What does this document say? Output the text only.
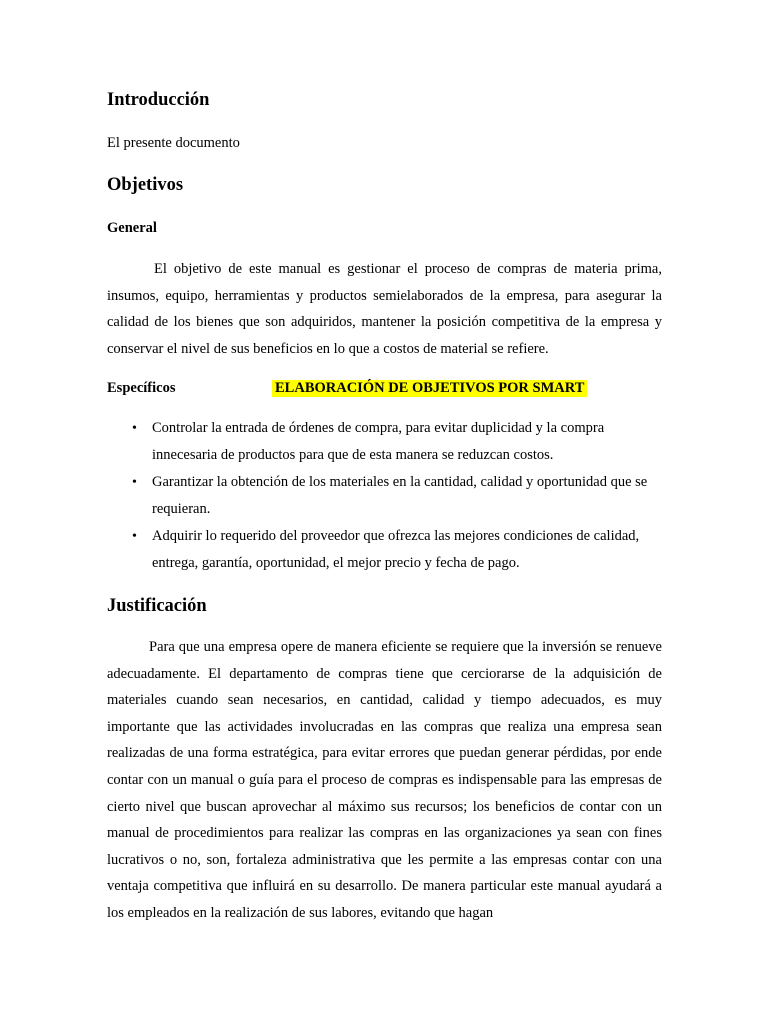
Introducción

El presente documento

Objetivos
General

El objetivo de este manual es gestionar el proceso de compras de materia prima, insumos, equipo, herramientas y productos semielaborados de la empresa, para asegurar la calidad de los bienes que son adquiridos, mantener la posición competitiva de la empresa y conservar el nivel de sus beneficios en lo que a costos de material se refiere.

Específicos	ELABORACIÓN DE OBJETIVOS POR SMART
• Controlar la entrada de órdenes de compra, para evitar duplicidad y la compra innecesaria de productos para que de esta manera se reduzcan costos.
• Garantizar la obtención de los materiales en la cantidad, calidad y oportunidad que se requieran.
• Adquirir lo requerido del proveedor que ofrezca las mejores condiciones de calidad, entrega, garantía, oportunidad, el mejor precio y fecha de pago.
Justificación

Para que una empresa opere de manera eficiente se requiere que la inversión se renueve adecuadamente. El departamento de compras tiene que cerciorarse de la adquisición de materiales cuando sean necesarios, en cantidad, calidad y tiempo adecuados, es muy importante que las actividades involucradas en las compras que realiza una empresa sean realizadas de una forma estratégica, para evitar errores que puedan generar pérdidas, por ende contar con un manual o guía para el proceso de compras es indispensable para las empresas de cierto nivel que buscan aprovechar al máximo sus recursos; los beneficios de contar con un manual de procedimientos para realizar las compras en las organizaciones ya sean con fines lucrativos o no, son, fortaleza administrativa que les permite a las empresas contar con una ventaja competitiva que influirá en su desarrollo. De manera particular este manual ayudará a los empleados en la realización de sus labores, evitando que hagan
